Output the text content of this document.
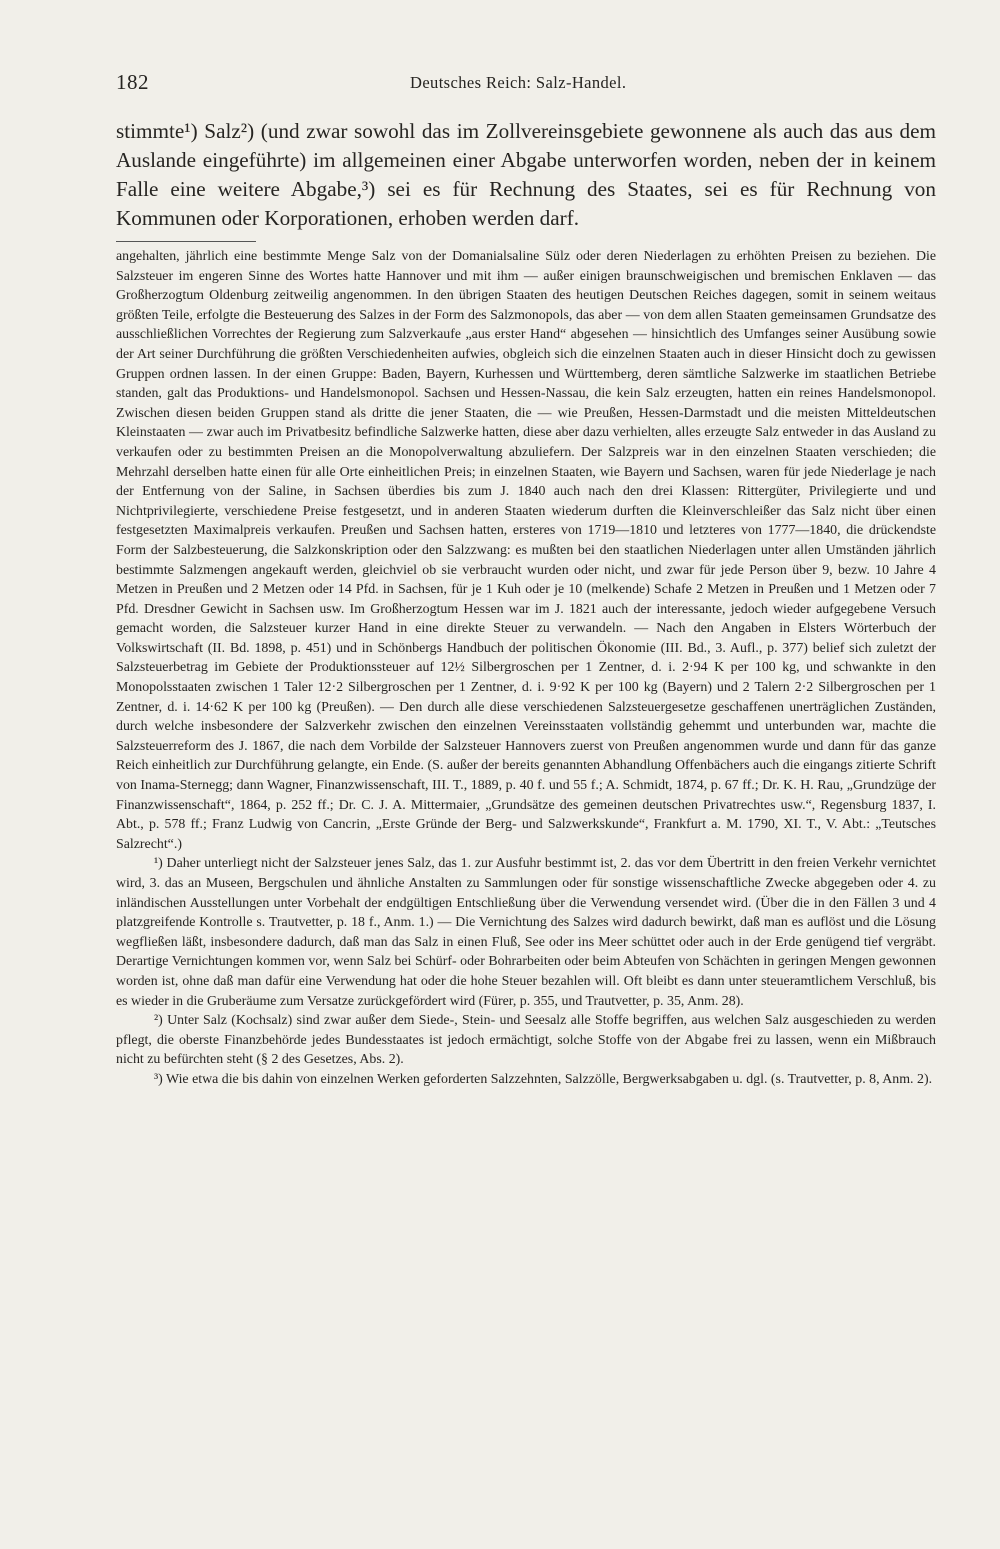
182	Deutsches Reich: Salz-Handel.

stimmte¹) Salz²) (und zwar sowohl das im Zollvereinsgebiete gewonnene als auch das aus dem Auslande eingeführte) im allgemeinen einer Abgabe unterworfen worden, neben der in keinem Falle eine weitere Abgabe,³) sei es für Rechnung des Staates, sei es für Rechnung von Kommunen oder Korporationen, erhoben werden darf.

angehalten, jährlich eine bestimmte Menge Salz von der Domanialsaline Sülz oder deren Niederlagen zu erhöhten Preisen zu beziehen. Die Salzsteuer im engeren Sinne des Wortes hatte Hannover und mit ihm — außer einigen braunschweigischen und bremischen Enklaven — das Großherzogtum Oldenburg zeitweilig angenommen. In den übrigen Staaten des heutigen Deutschen Reiches dagegen, somit in seinem weitaus größten Teile, erfolgte die Besteuerung des Salzes in der Form des Salzmonopols, das aber — von dem allen Staaten gemeinsamen Grundsatze des ausschließlichen Vorrechtes der Regierung zum Salzverkaufe „aus erster Hand“ abgesehen — hinsichtlich des Umfanges seiner Ausübung sowie der Art seiner Durchführung die größten Verschiedenheiten aufwies, obgleich sich die einzelnen Staaten auch in dieser Hinsicht doch zu gewissen Gruppen ordnen lassen. In der einen Gruppe: Baden, Bayern, Kurhessen und Württemberg, deren sämtliche Salzwerke im staatlichen Betriebe standen, galt das Produktions- und Handelsmonopol. Sachsen und Hessen-Nassau, die kein Salz erzeugten, hatten ein reines Handelsmonopol. Zwischen diesen beiden Gruppen stand als dritte die jener Staaten, die — wie Preußen, Hessen-Darmstadt und die meisten Mitteldeutschen Kleinstaaten — zwar auch im Privatbesitz befindliche Salzwerke hatten, diese aber dazu verhielten, alles erzeugte Salz entweder in das Ausland zu verkaufen oder zu bestimmten Preisen an die Monopolverwaltung abzuliefern. Der Salzpreis war in den einzelnen Staaten verschieden; die Mehrzahl derselben hatte einen für alle Orte einheitlichen Preis; in einzelnen Staaten, wie Bayern und Sachsen, waren für jede Niederlage je nach der Entfernung von der Saline, in Sachsen überdies bis zum J. 1840 auch nach den drei Klassen: Rittergüter, Privilegierte und und Nichtprivilegierte, verschiedene Preise festgesetzt, und in anderen Staaten wiederum durften die Kleinverschleißer das Salz nicht über einen festgesetzten Maximalpreis verkaufen. Preußen und Sachsen hatten, ersteres von 1719—1810 und letzteres von 1777—1840, die drückendste Form der Salzbesteuerung, die Salzkonskription oder den Salzzwang: es mußten bei den staatlichen Niederlagen unter allen Umständen jährlich bestimmte Salzmengen angekauft werden, gleichviel ob sie verbraucht wurden oder nicht, und zwar für jede Person über 9, bezw. 10 Jahre 4 Metzen in Preußen und 2 Metzen oder 14 Pfd. in Sachsen, für je 1 Kuh oder je 10 (melkende) Schafe 2 Metzen in Preußen und 1 Metzen oder 7 Pfd. Dresdner Gewicht in Sachsen usw. Im Großherzogtum Hessen war im J. 1821 auch der interessante, jedoch wieder aufgegebene Versuch gemacht worden, die Salzsteuer kurzer Hand in eine direkte Steuer zu verwandeln. — Nach den Angaben in Elsters Wörterbuch der Volkswirtschaft (II. Bd. 1898, p. 451) und in Schönbergs Handbuch der politischen Ökonomie (III. Bd., 3. Aufl., p. 377) belief sich zuletzt der Salzsteuerbetrag im Gebiete der Produktionssteuer auf 12½ Silbergroschen per 1 Zentner, d. i. 2·94 K per 100 kg, und schwankte in den Monopolsstaaten zwischen 1 Taler 12·2 Silbergroschen per 1 Zentner, d. i. 9·92 K per 100 kg (Bayern) und 2 Talern 2·2 Silbergroschen per 1 Zentner, d. i. 14·62 K per 100 kg (Preußen). — Den durch alle diese verschiedenen Salzsteuergesetze geschaffenen unerträglichen Zuständen, durch welche insbesondere der Salzverkehr zwischen den einzelnen Vereinsstaaten vollständig gehemmt und unterbunden war, machte die Salzsteuerreform des J. 1867, die nach dem Vorbilde der Salzsteuer Hannovers zuerst von Preußen angenommen wurde und dann für das ganze Reich einheitlich zur Durchführung gelangte, ein Ende. (S. außer der bereits genannten Abhandlung Offenbächers auch die eingangs zitierte Schrift von Inama-Sternegg; dann Wagner, Finanzwissenschaft, III. T., 1889, p. 40 f. und 55 f.; A. Schmidt, 1874, p. 67 ff.; Dr. K. H. Rau, „Grundzüge der Finanzwissenschaft“, 1864, p. 252 ff.; Dr. C. J. A. Mittermaier, „Grundsätze des gemeinen deutschen Privatrechtes usw.“, Regensburg 1837, I. Abt., p. 578 ff.; Franz Ludwig von Cancrin, „Erste Gründe der Berg- und Salzwerkskunde“, Frankfurt a. M. 1790, XI. T., V. Abt.: „Teutsches Salzrecht“.)

¹) Daher unterliegt nicht der Salzsteuer jenes Salz, das 1. zur Ausfuhr bestimmt ist, 2. das vor dem Übertritt in den freien Verkehr vernichtet wird, 3. das an Museen, Bergschulen und ähnliche Anstalten zu Sammlungen oder für sonstige wissenschaftliche Zwecke abgegeben oder 4. zu inländischen Ausstellungen unter Vorbehalt der endgültigen Entschließung über die Verwendung versendet wird. (Über die in den Fällen 3 und 4 platzgreifende Kontrolle s. Trautvetter, p. 18 f., Anm. 1.) — Die Vernichtung des Salzes wird dadurch bewirkt, daß man es auflöst und die Lösung wegfließen läßt, insbesondere dadurch, daß man das Salz in einen Fluß, See oder ins Meer schüttet oder auch in der Erde genügend tief vergräbt. Derartige Vernichtungen kommen vor, wenn Salz bei Schürf- oder Bohrarbeiten oder beim Abteufen von Schächten in geringen Mengen gewonnen worden ist, ohne daß man dafür eine Verwendung hat oder die hohe Steuer bezahlen will. Oft bleibt es dann unter steueramtlichem Verschluß, bis es wieder in die Gruberäume zum Versatze zurückgefördert wird (Fürer, p. 355, und Trautvetter, p. 35, Anm. 28).

²) Unter Salz (Kochsalz) sind zwar außer dem Siede-, Stein- und Seesalz alle Stoffe begriffen, aus welchen Salz ausgeschieden zu werden pflegt, die oberste Finanzbehörde jedes Bundesstaates ist jedoch ermächtigt, solche Stoffe von der Abgabe frei zu lassen, wenn ein Mißbrauch nicht zu befürchten steht (§ 2 des Gesetzes, Abs. 2).

³) Wie etwa die bis dahin von einzelnen Werken geforderten Salzzehnten, Salzzölle, Bergwerksabgaben u. dgl. (s. Trautvetter, p. 8, Anm. 2).
